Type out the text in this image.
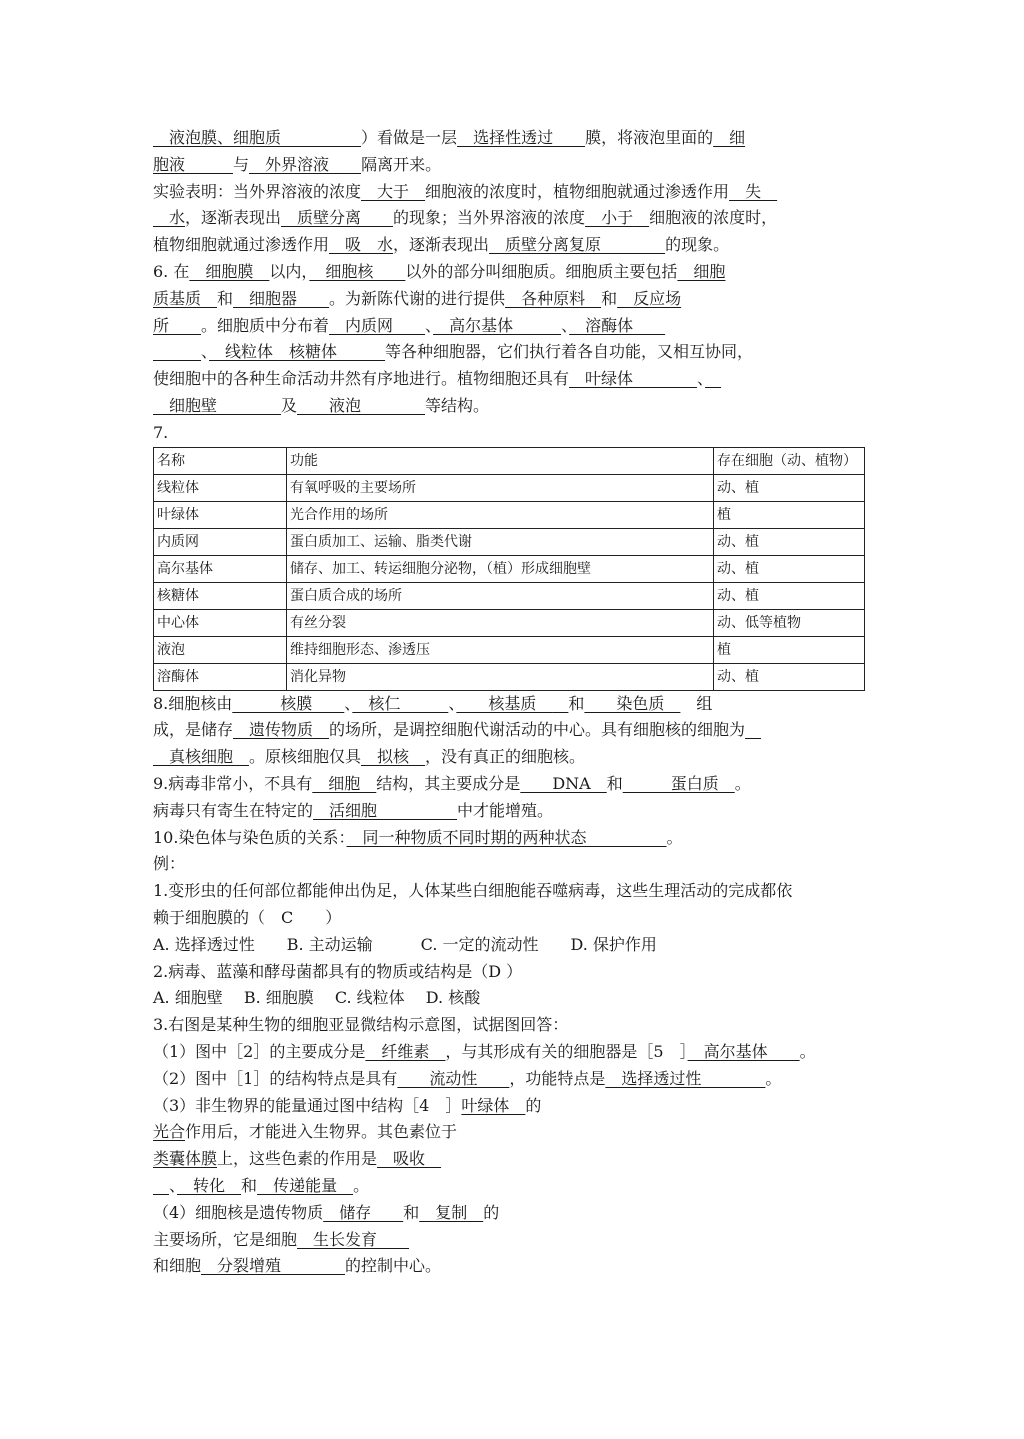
　液泡膜、细胞质　　　　　	）看做是一层　选择性透过　　膜，将液泡里面的　细
胞液　　　与　外界溶液　　隔离开来。
实验表明：当外界溶液的浓度　大于　 细胞液的浓度时，植物细胞就通过渗透作用　失　
　水，逐渐表现出　质壁分离　　的现象；当外界溶液的浓度　小于　 细胞液的浓度时，
植物细胞就通过渗透作用　吸　水，逐渐表现出　质壁分离复原　　　　的现象。
6. 在　细胞膜　以内，　细胞核　　以外的部分叫细胞质。细胞质主要包括　细胞
质基质　和　细胞器　　。为新陈代谢的进行提供　各种原料　和　反应场
所　　。细胞质中分布着　内质网　　、　高尔基体　　　、　溶酶体　　
　　　、　线粒体　核糖体　　　等各种细胞器，它们执行着各自功能，又相互协同，
使细胞中的各种生命活动井然有序地进行。植物细胞还具有　叶绿体　　　　、　
　细胞壁　　　　及　　液泡　　　　等结构。
7.
名称	功能	存在细胞（动、植物）
线粒体	有氧呼吸的主要场所	动、植
叶绿体	光合作用的场所	植
内质网	蛋白质加工、运输、脂类代谢	动、植
高尔基体	储存、加工、转运细胞分泌物，（植）形成细胞壁	动、植
核糖体	蛋白质合成的场所	动、植
中心体	有丝分裂	动、低等植物
液泡	维持细胞形态、渗透压	植
溶酶体	消化异物	动、植
8.细胞核由　　　核膜　　、　核仁　　　、　　核基质　　和　　染色质　　组
成，是储存　遗传物质　的场所，是调控细胞代谢活动的中心。具有细胞核的细胞为　
　真核细胞　。原核细胞仅具　拟核　，没有真正的细胞核。
9.病毒非常小，不具有　细胞　结构，其主要成分是　　DNA　和　　　蛋白质　。
病毒只有寄生在特定的　活细胞　　　　　中才能增殖。
10.染色体与染色质的关系：　同一种物质不同时期的两种状态　　　　　。
例：
1.变形虫的任何部位都能伸出伪足，人体某些白细胞能吞噬病毒，这些生理活动的完成都依
赖于细胞膜的（　C　　）
A. 选择透过性　　B. 主动运输　　　C. 一定的流动性　　D. 保护作用
2.病毒、蓝藻和酵母菌都具有的物质或结构是（D ）
A. 细胞壁　 B. 细胞膜　 C. 线粒体　 D. 核酸
3.右图是某种生物的细胞亚显微结构示意图，试据图回答：
（1）图中［2］的主要成分是　纤维素　，与其形成有关的细胞器是［5　］　高尔基体　　。
（2）图中［1］的结构特点是具有　　流动性　　，功能特点是　选择透过性　　　　。
（3）非生物界的能量通过图中结构［4　］叶绿体　的
光合作用后，才能进入生物界。其色素位于
类囊体膜上，这些色素的作用是　吸收　
　、　转化　和　传递能量　。
（4）细胞核是遗传物质　储存　　和　复制　的
主要场所，它是细胞　生长发育　　
和细胞　分裂增殖　　　　的控制中心。
